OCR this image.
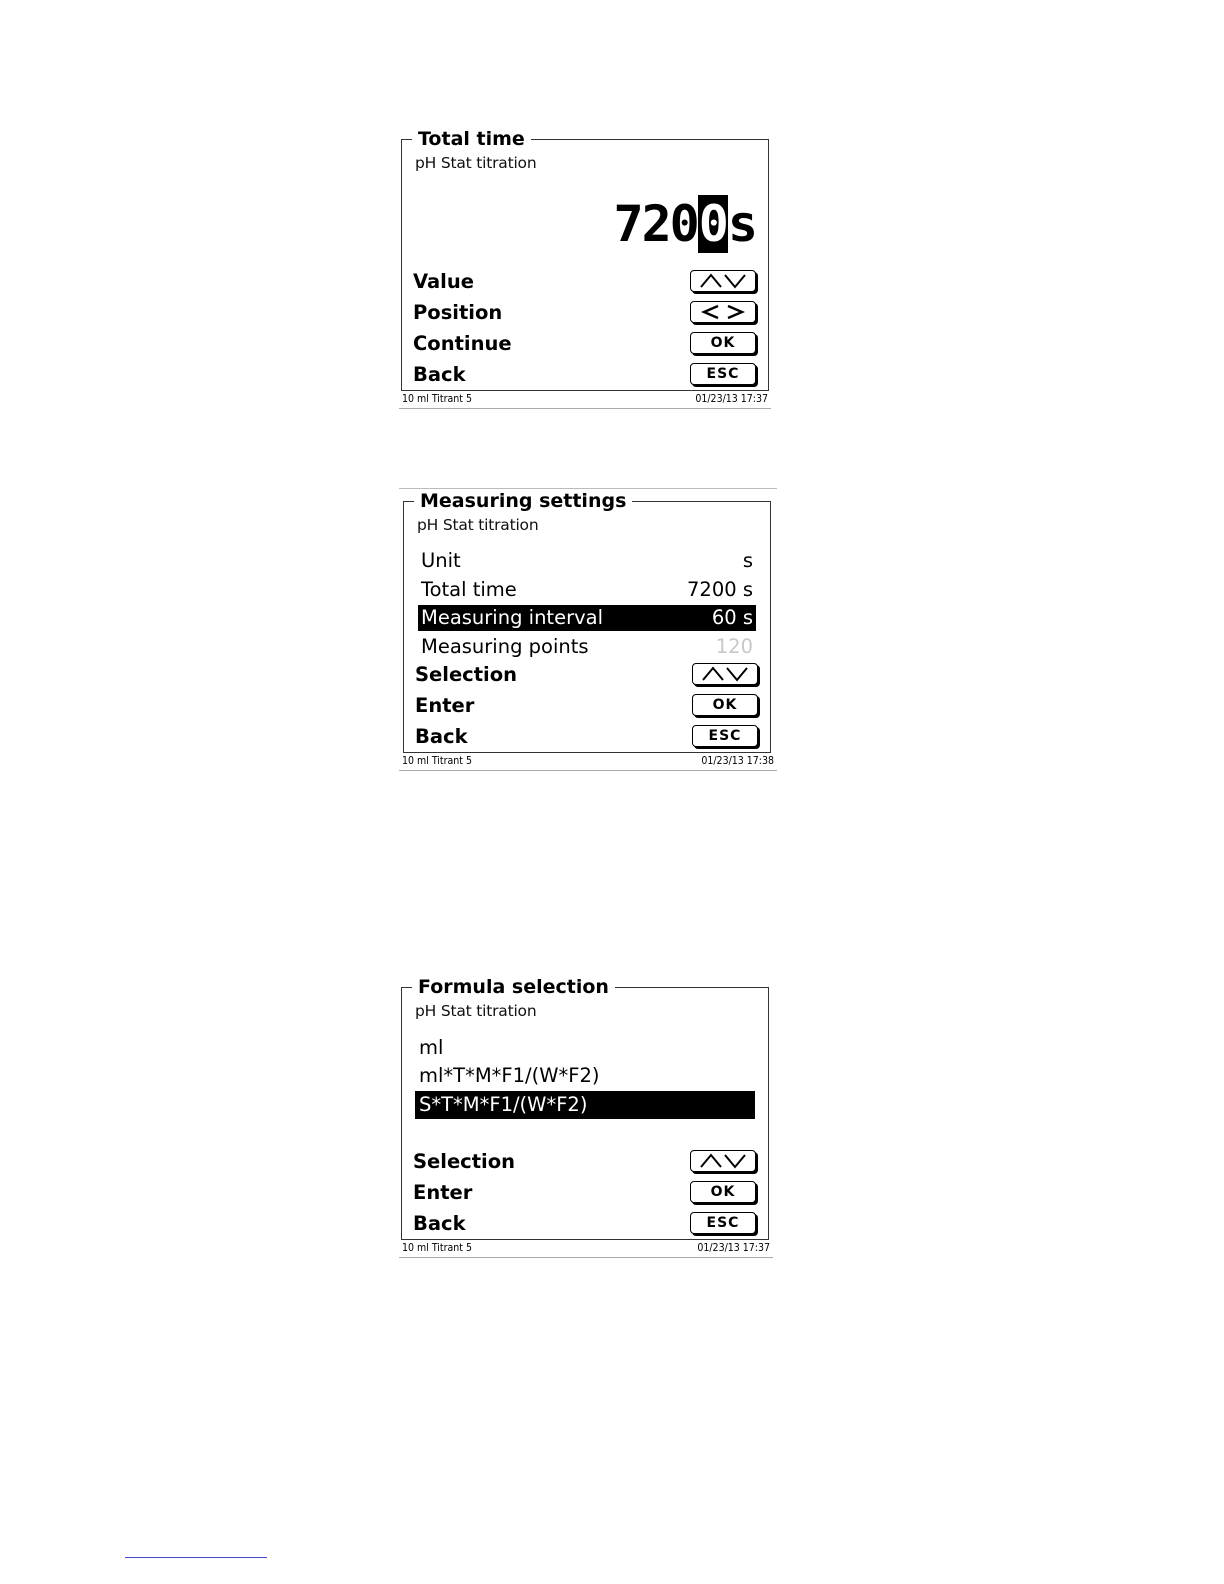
Total time
pH Stat titration
7200s
Value
Position
Continue	OK
Back	ESC
10 ml Titrant 5	01/23/13 17:37
Measuring settings
pH Stat titration
Unit	s
Total time	7200 s
Measuring interval	60 s
Measuring points	120
Selection
Enter	OK
Back	ESC
10 ml Titrant 5	01/23/13 17:38
Formula selection
pH Stat titration
ml
ml*T*M*F1/(W*F2)
S*T*M*F1/(W*F2)
Selection
Enter	OK
Back	ESC
10 ml Titrant 5	01/23/13 17:37
